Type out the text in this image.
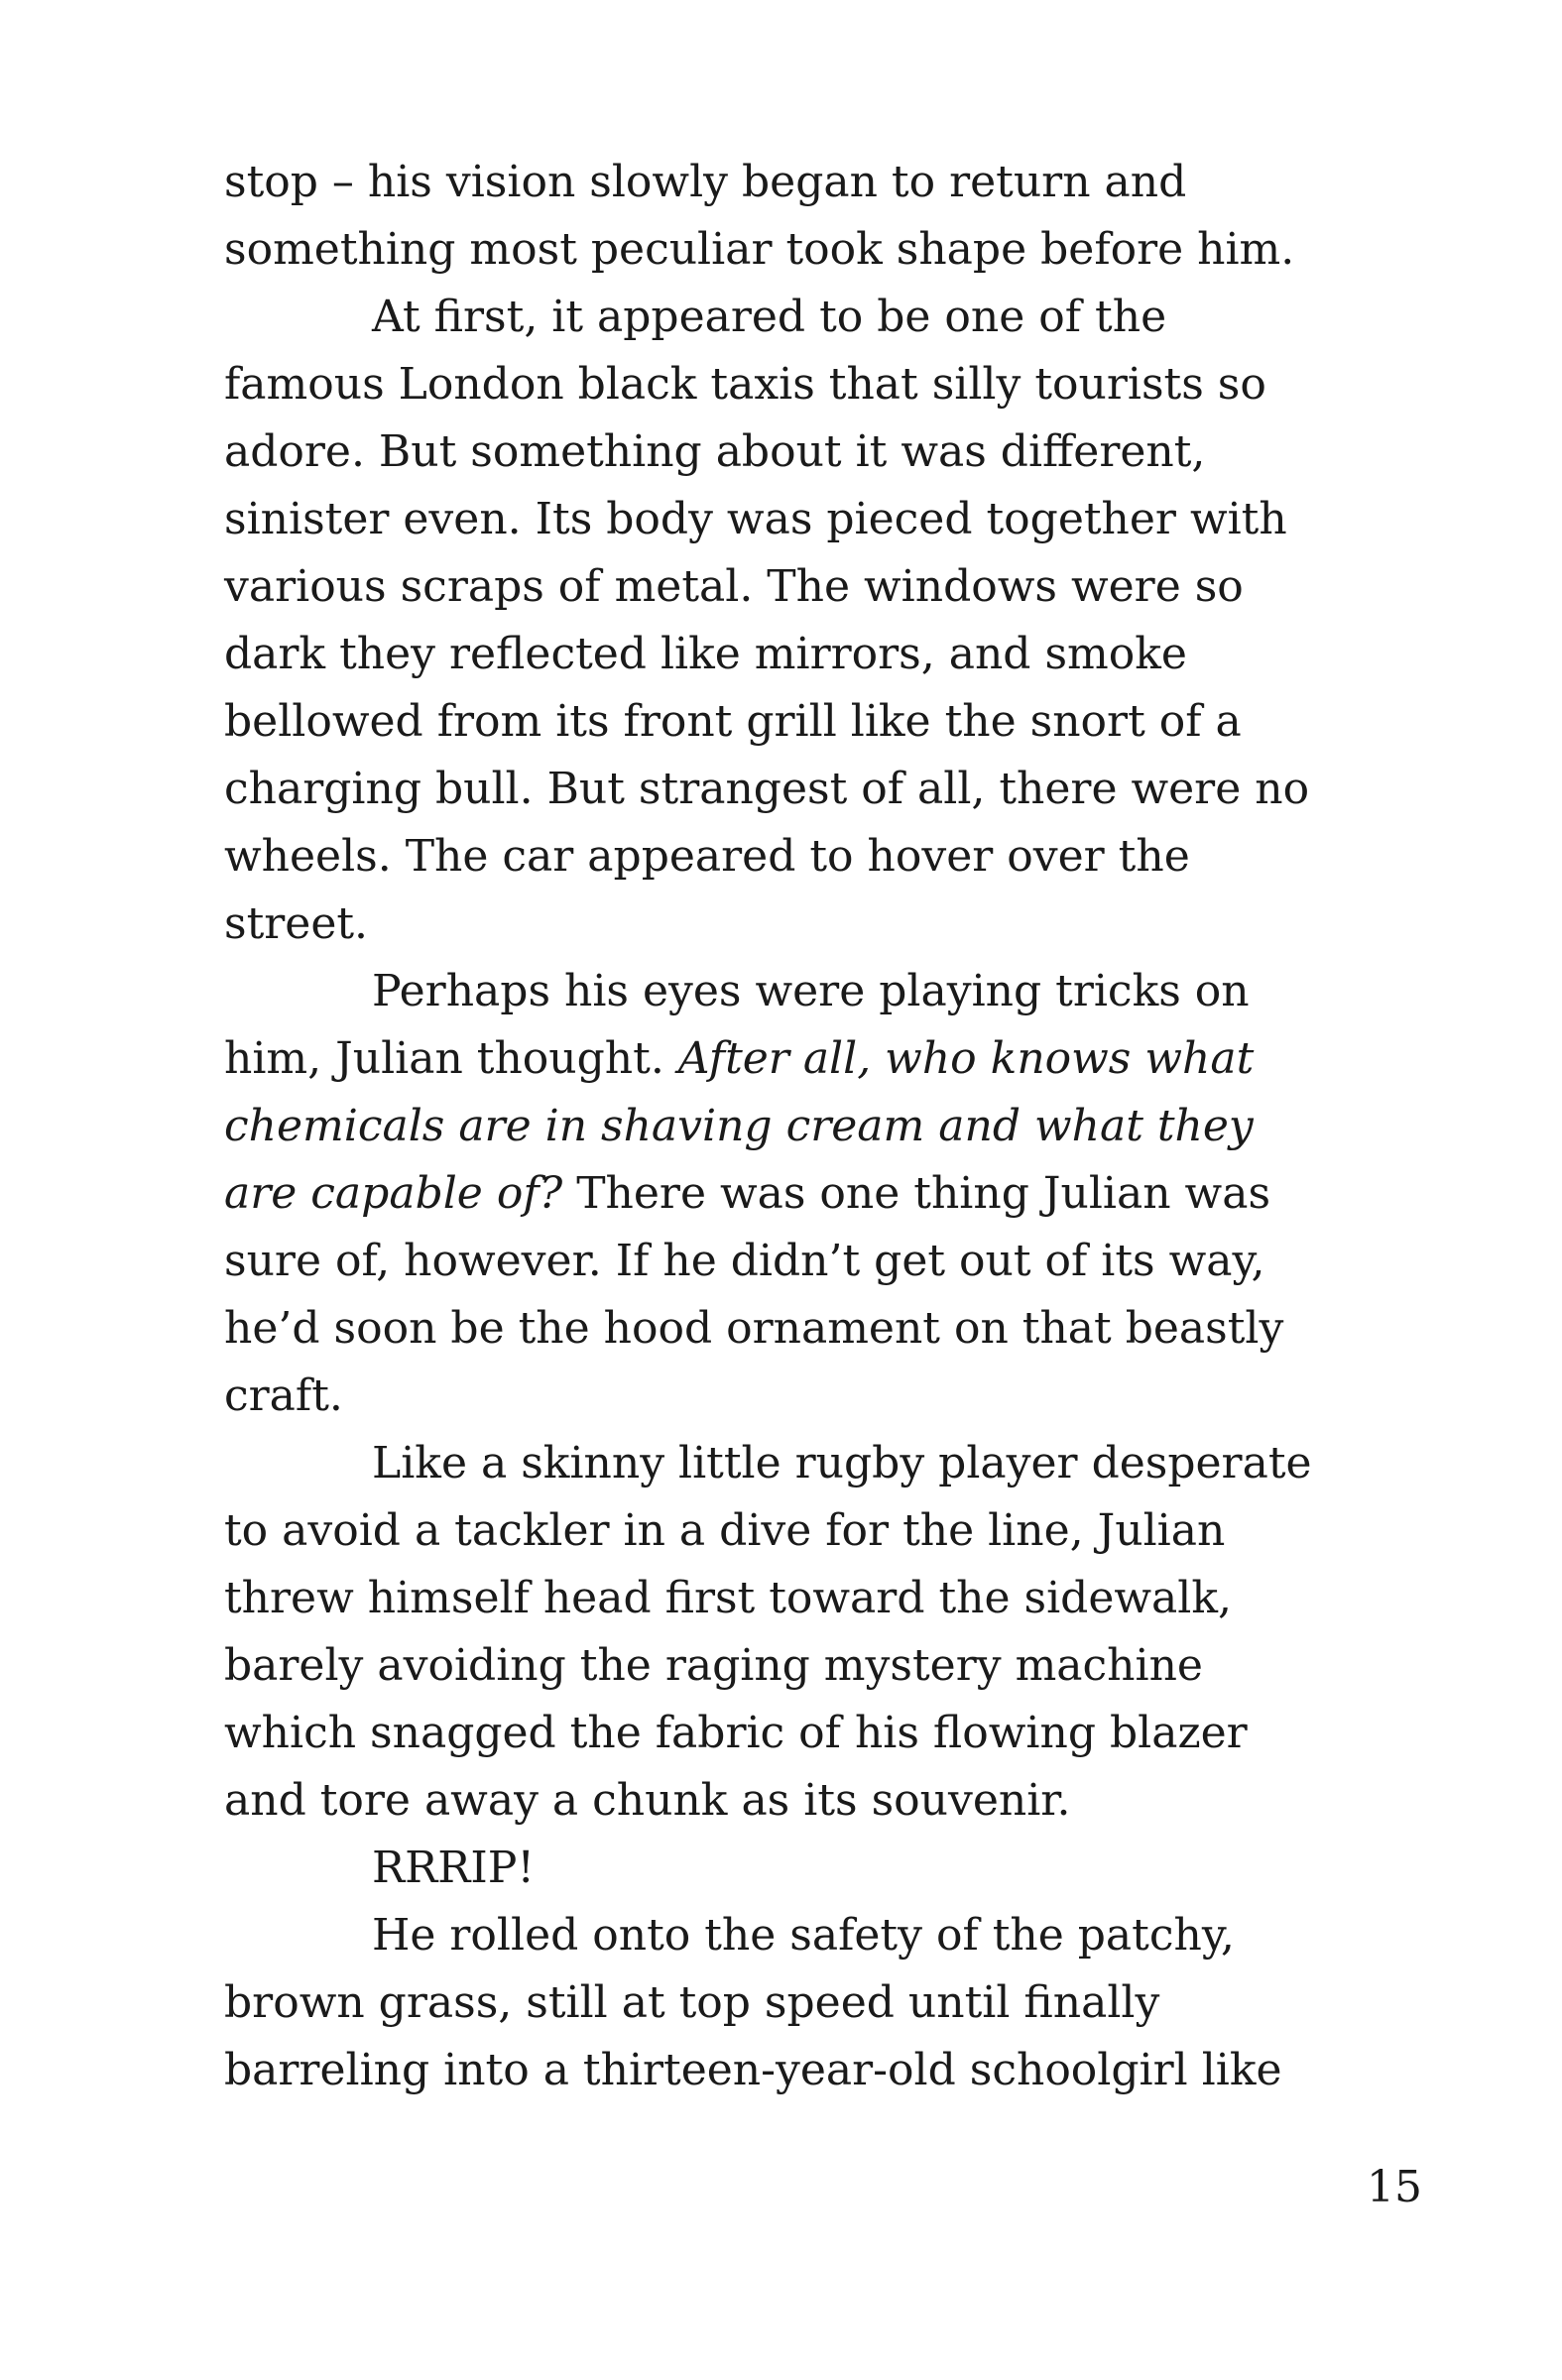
stop – his vision slowly began to return and
something most peculiar took shape before him.
At first, it appeared to be one of the
famous London black taxis that silly tourists so
adore. But something about it was different,
sinister even. Its body was pieced together with
various scraps of metal. The windows were so
dark they reflected like mirrors, and smoke
bellowed from its front grill like the snort of a
charging bull. But strangest of all, there were no
wheels. The car appeared to hover over the
street.
Perhaps his eyes were playing tricks on
him, Julian thought. After all, who knows what
chemicals are in shaving cream and what they
are capable of? There was one thing Julian was
sure of, however. If he didn’t get out of its way,
he’d soon be the hood ornament on that beastly
craft.
Like a skinny little rugby player desperate
to avoid a tackler in a dive for the line, Julian
threw himself head first toward the sidewalk,
barely avoiding the raging mystery machine
which snagged the fabric of his flowing blazer
and tore away a chunk as its souvenir.
RRRIP!
He rolled onto the safety of the patchy,
brown grass, still at top speed until finally
barreling into a thirteen-year-old schoolgirl like
15
